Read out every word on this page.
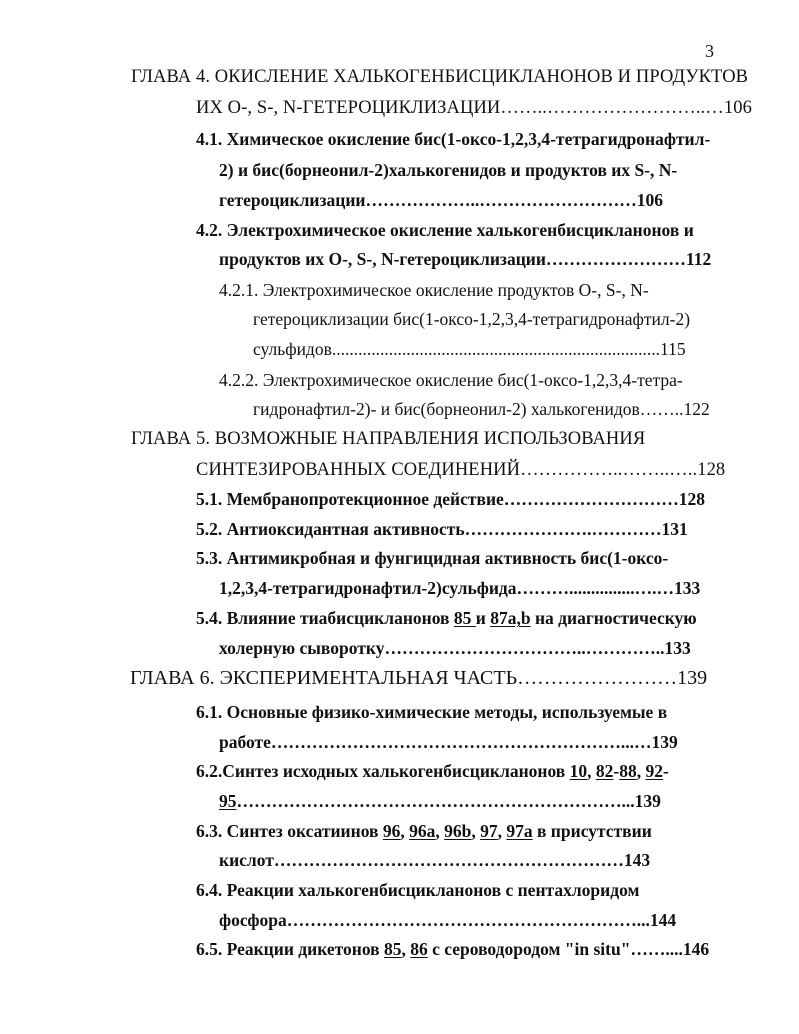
3
ГЛАВА 4. ОКИСЛЕНИЕ ХАЛЬКОГЕНБИСЦИКЛАНОНОВ И ПРОДУКТОВ
ИХ О-, S-, N-ГЕТЕРОЦИКЛИЗАЦИИ……..……………………..…106
4.1. Химическое окисление бис(1-оксо-1,2,3,4-тетрагидронафтил-
2) и бис(борнеонил-2)халькогенидов и продуктов их S-, N-
гетероциклизации………………..………………………106
4.2. Электрохимическое окисление халькогенбисцикланонов и
продуктов их О-, S-, N-гетероциклизации……………………112
4.2.1. Электрохимическое окисление продуктов О-, S-, N-
гетероциклизации бис(1-оксо-1,2,3,4-тетрагидронафтил-2)
сульфидов...........................................................................115
4.2.2. Электрохимическое окисление бис(1-оксо-1,2,3,4-тетра-
гидронафтил-2)- и бис(борнеонил-2) халькогенидов……..122
ГЛАВА 5. ВОЗМОЖНЫЕ НАПРАВЛЕНИЯ ИСПОЛЬЗОВАНИЯ
СИНТЕЗИРОВАННЫХ СОЕДИНЕНИЙ……………..……..…..128
5.1. Мембранопротекционное действие…………………………128
5.2. Антиоксидантная активность………………….…………131
5.3. Антимикробная и фунгицидная активность бис(1-оксо-
1,2,3,4-тетрагидронафтил-2)сульфида………...............….…133
5.4. Влияние тиабисцикланонов 85 и 87a,b на диагностическую
холерную сыворотку……………………………..…………..133
ГЛАВА 6. ЭКСПЕРИМЕНТАЛЬНАЯ ЧАСТЬ……………………139
6.1. Основные физико-химические методы, используемые в
работе……………………………………………………...…139
6.2.Синтез исходных халькогенбисцикланонов 10, 82-88, 92-
95…………………………………………………………...139
6.3. Синтез оксатиинов 96, 96a, 96b, 97, 97a в присутствии
кислот……………………………………………………143
6.4. Реакции халькогенбисцикланонов с пентахлоридом
фосфора……………………………………………………...144
6.5. Реакции дикетонов 85, 86 с сероводородом "in situ"……....146
